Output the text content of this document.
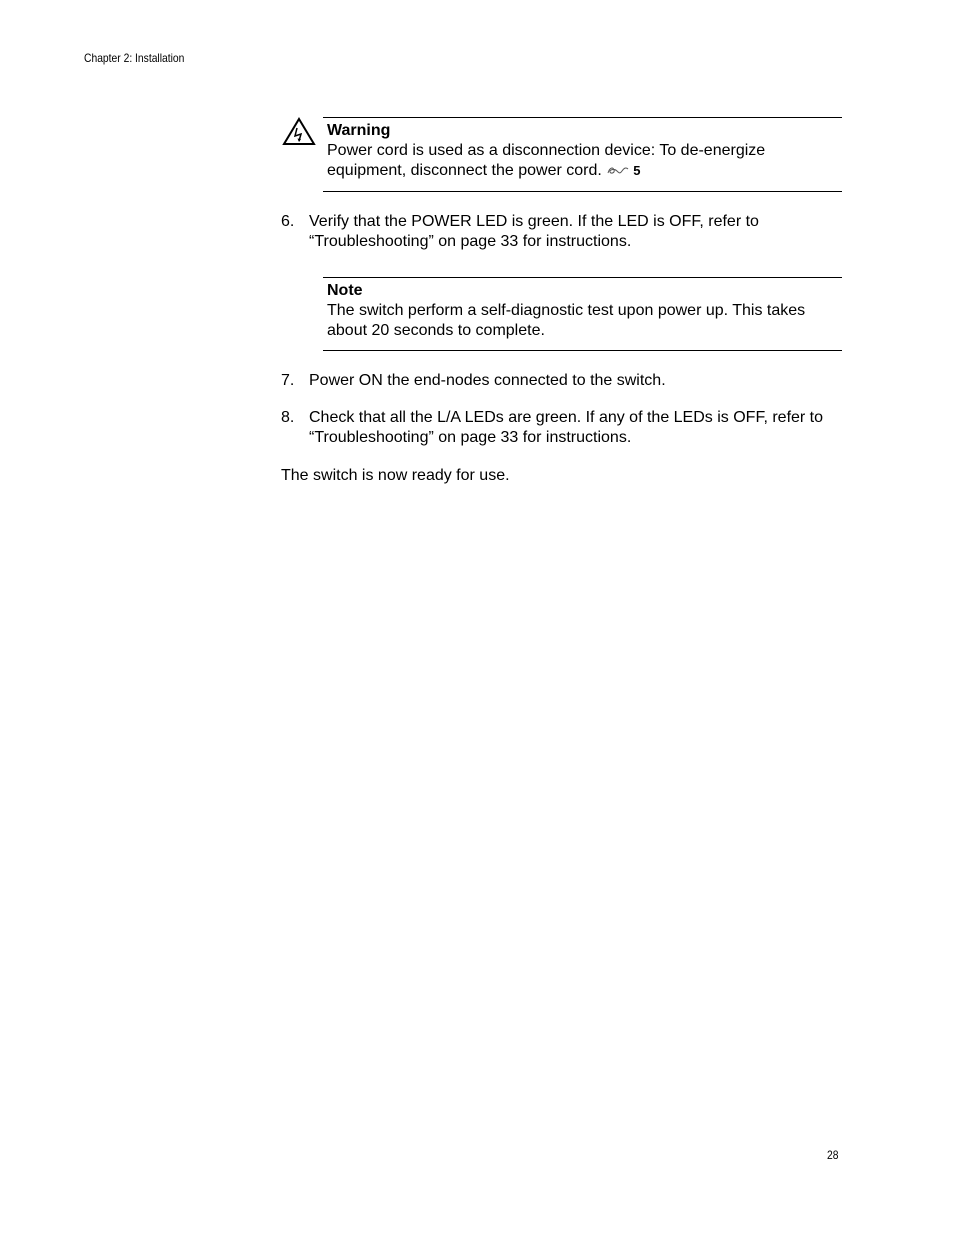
Chapter 2: Installation
Warning
Power cord is used as a disconnection device: To de-energize equipment, disconnect the power cord. 5
6. Verify that the POWER LED is green. If the LED is OFF, refer to “Troubleshooting” on page 33 for instructions.
Note
The switch perform a self-diagnostic test upon power up. This takes about 20 seconds to complete.
7. Power ON the end-nodes connected to the switch.
8. Check that all the L/A LEDs are green. If any of the LEDs is OFF, refer to “Troubleshooting” on page 33 for instructions.
The switch is now ready for use.
28
